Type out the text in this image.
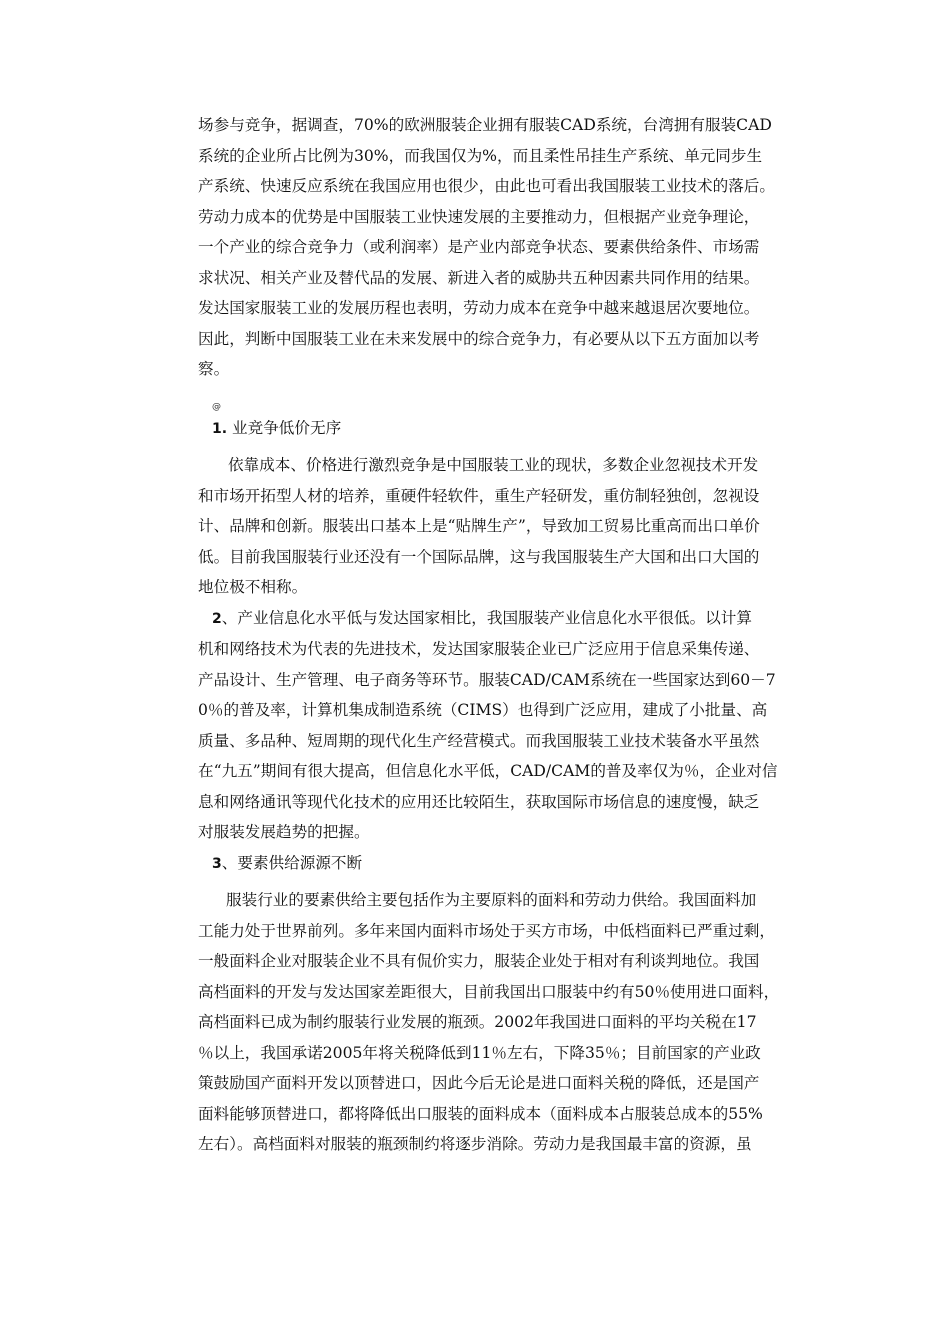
场参与竞争，据调查，70%的欧洲服装企业拥有服装CAD系统，台湾拥有服装CAD
系统的企业所占比例为30%，而我国仅为%，而且柔性吊挂生产系统、单元同步生
产系统、快速反应系统在我国应用也很少，由此也可看出我国服装工业技术的落后。
劳动力成本的优势是中国服装工业快速发展的主要推动力，但根据产业竞争理论，
一个产业的综合竞争力（或利润率）是产业内部竞争状态、要素供给条件、市场需
求状况、相关产业及替代品的发展、新进入者的威胁共五种因素共同作用的结果。
发达国家服装工业的发展历程也表明，劳动力成本在竞争中越来越退居次要地位。
因此，判断中国服装工业在未来发展中的综合竞争力，有必要从以下五方面加以考
察。
@
1. 业竞争低价无序
依靠成本、价格进行激烈竞争是中国服装工业的现状，多数企业忽视技术开发
和市场开拓型人材的培养，重硬件轻软件，重生产轻研发，重仿制轻独创，忽视设
计、品牌和创新。服装出口基本上是“贴牌生产”，导致加工贸易比重高而出口单价
低。目前我国服装行业还没有一个国际品牌，这与我国服装生产大国和出口大国的
地位极不相称。
2、产业信息化水平低与发达国家相比，我国服装产业信息化水平很低。以计算
机和网络技术为代表的先进技术，发达国家服装企业已广泛应用于信息采集传递、
产品设计、生产管理、电子商务等环节。服装CAD/CAM系统在一些国家达到60－7
0％的普及率，计算机集成制造系统（CIMS）也得到广泛应用，建成了小批量、高
质量、多品种、短周期的现代化生产经营模式。而我国服装工业技术装备水平虽然
在“九五”期间有很大提高，但信息化水平低，CAD/CAM的普及率仅为％，企业对信
息和网络通讯等现代化技术的应用还比较陌生，获取国际市场信息的速度慢，缺乏
对服装发展趋势的把握。
3、要素供给源源不断
服装行业的要素供给主要包括作为主要原料的面料和劳动力供给。我国面料加
工能力处于世界前列。多年来国内面料市场处于买方市场，中低档面料已严重过剩，
一般面料企业对服装企业不具有侃价实力，服装企业处于相对有利谈判地位。我国
高档面料的开发与发达国家差距很大，目前我国出口服装中约有50％使用进口面料，
高档面料已成为制约服装行业发展的瓶颈。2002年我国进口面料的平均关税在17
％以上，我国承诺2005年将关税降低到11％左右，下降35％；目前国家的产业政
策鼓励国产面料开发以顶替进口，因此今后无论是进口面料关税的降低，还是国产
面料能够顶替进口，都将降低出口服装的面料成本（面料成本占服装总成本的55%
左右）。高档面料对服装的瓶颈制约将逐步消除。劳动力是我国最丰富的资源，虽
